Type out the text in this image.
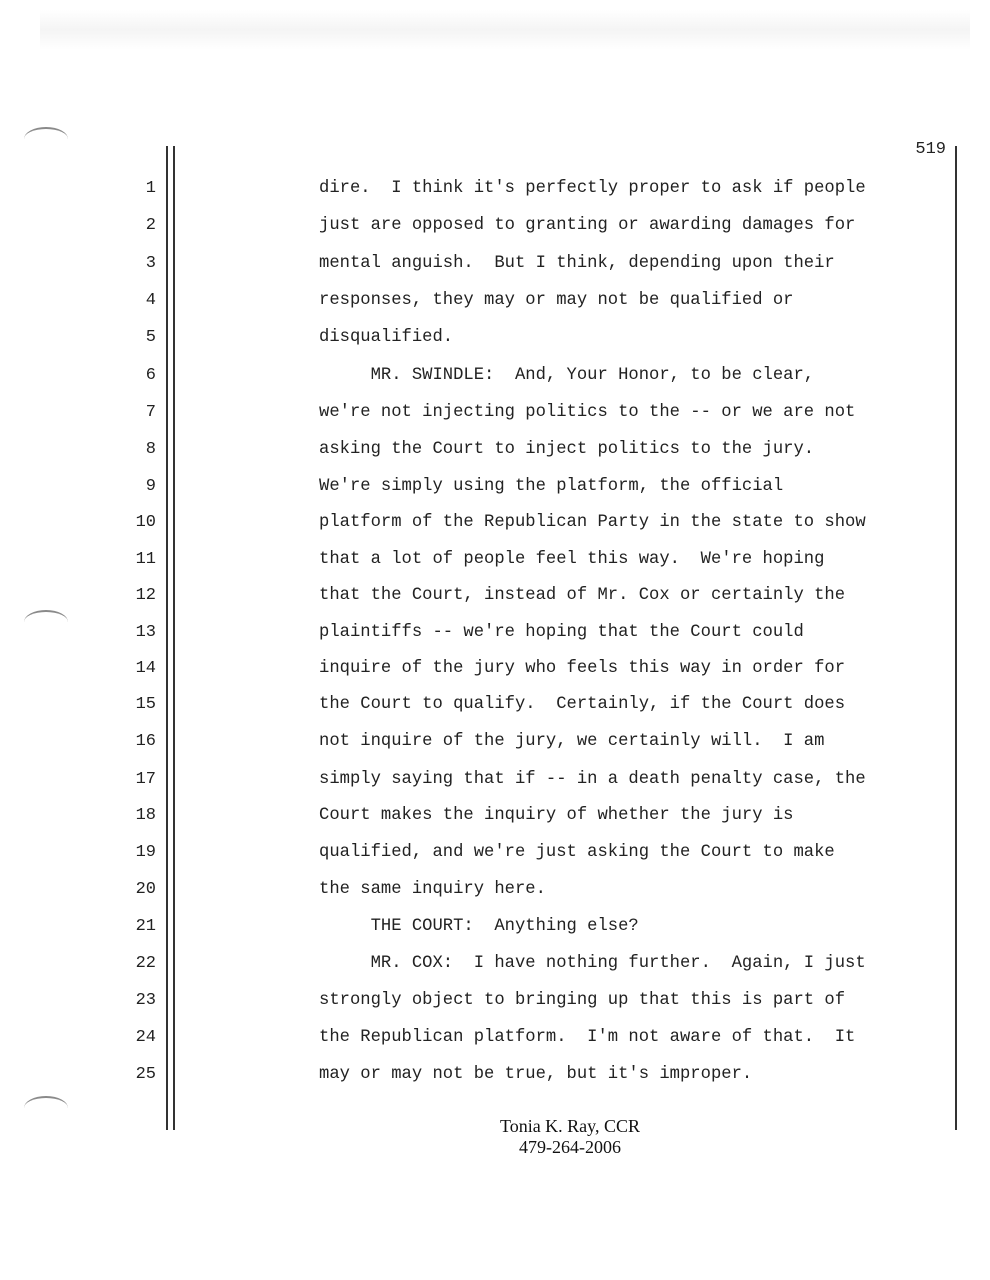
519
1
2
3
4
5
6
7
8
9
10
11
12
13
14
15
16
17
18
19
20
21
22
23
24
25
dire.  I think it's perfectly proper to ask if people
just are opposed to granting or awarding damages for
mental anguish.  But I think, depending upon their
responses, they may or may not be qualified or
disqualified.
MR. SWINDLE:  And, Your Honor, to be clear,
we're not injecting politics to the -- or we are not
asking the Court to inject politics to the jury.
We're simply using the platform, the official
platform of the Republican Party in the state to show
that a lot of people feel this way.  We're hoping
that the Court, instead of Mr. Cox or certainly the
plaintiffs -- we're hoping that the Court could
inquire of the jury who feels this way in order for
the Court to qualify.  Certainly, if the Court does
not inquire of the jury, we certainly will.  I am
simply saying that if -- in a death penalty case, the
Court makes the inquiry of whether the jury is
qualified, and we're just asking the Court to make
the same inquiry here.
THE COURT:  Anything else?
MR. COX:  I have nothing further.  Again, I just
strongly object to bringing up that this is part of
the Republican platform.  I'm not aware of that.  It
may or may not be true, but it's improper.
Tonia K. Ray, CCR
479-264-2006
